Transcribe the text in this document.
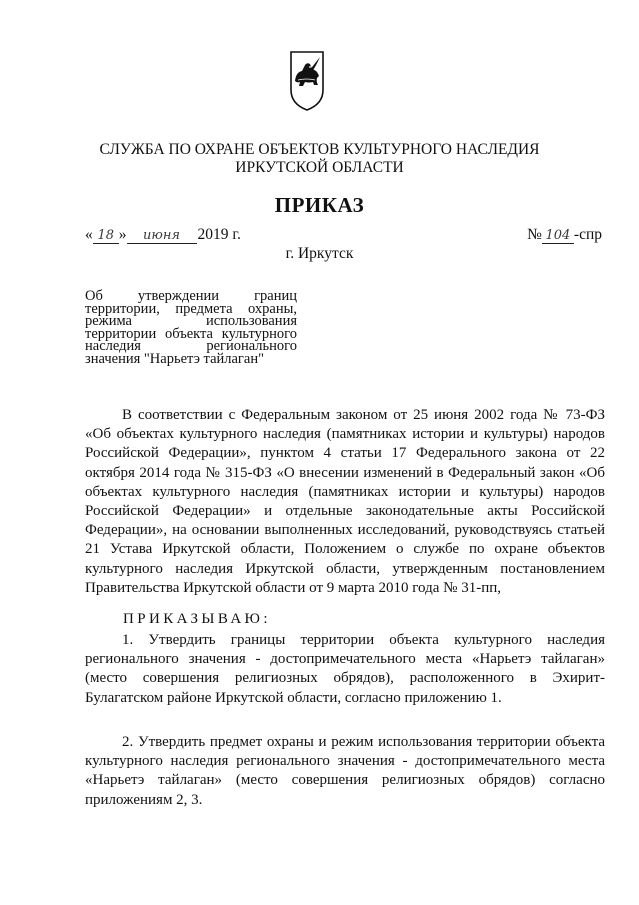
СЛУЖБА ПО ОХРАНЕ ОБЪЕКТОВ КУЛЬТУРНОГО НАСЛЕДИЯ
ИРКУТСКОЙ ОБЛАСТИ
ПРИКАЗ
« 18 » июня 2019 г.	№ 104 -спр
г. Иркутск
Об утверждении границ
территории, предмета охраны,
режима использования
территории объекта культурного
наследия регионального
значения "Нарьетэ тайлаган"
В соответствии с Федеральным законом от 25 июня 2002 года № 73-ФЗ «Об объектах культурного наследия (памятниках истории и культуры) народов Российской Федерации», пунктом 4 статьи 17 Федерального закона от 22 октября 2014 года № 315-ФЗ «О внесении изменений в Федеральный закон «Об объектах культурного наследия (памятниках истории и культуры) народов Российской Федерации» и отдельные законодательные акты Российской Федерации», на основании выполненных исследований, руководствуясь статьей 21 Устава Иркутской области, Положением о службе по охране объектов культурного наследия Иркутской области, утвержденным постановлением Правительства Иркутской области от 9 марта 2010 года № 31-пп,
ПРИКАЗЫВАЮ:
1. Утвердить границы территории объекта культурного наследия регионального значения - достопримечательного места «Нарьетэ тайлаган» (место совершения религиозных обрядов), расположенного в Эхирит-Булагатском районе Иркутской области, согласно приложению 1.
2. Утвердить предмет охраны и режим использования территории объекта культурного наследия регионального значения - достопримечательного места «Нарьетэ тайлаган» (место совершения религиозных обрядов) согласно приложениям 2, 3.
